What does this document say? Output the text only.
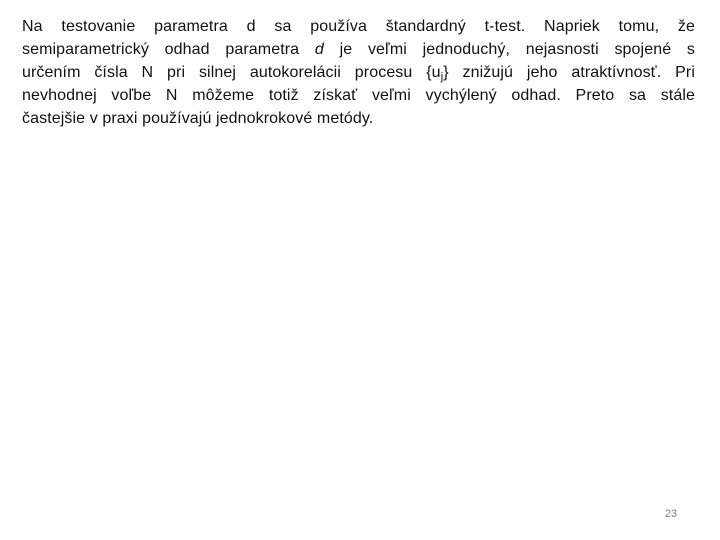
Na testovanie parametra d sa používa štandardný t-test. Napriek tomu, že
semiparametrický odhad parametra d je veľmi jednoduchý, nejasnosti spojené s
určením čísla N pri silnej autokorelácii procesu $\{u_j\}$ znižujú jeho atraktívnosť. Pri
nevhodnej voľbe N môžeme totiž získať veľmi vychýlený odhad. Preto sa stále
častejšie v praxi používajú jednokrokové metódy.
23
